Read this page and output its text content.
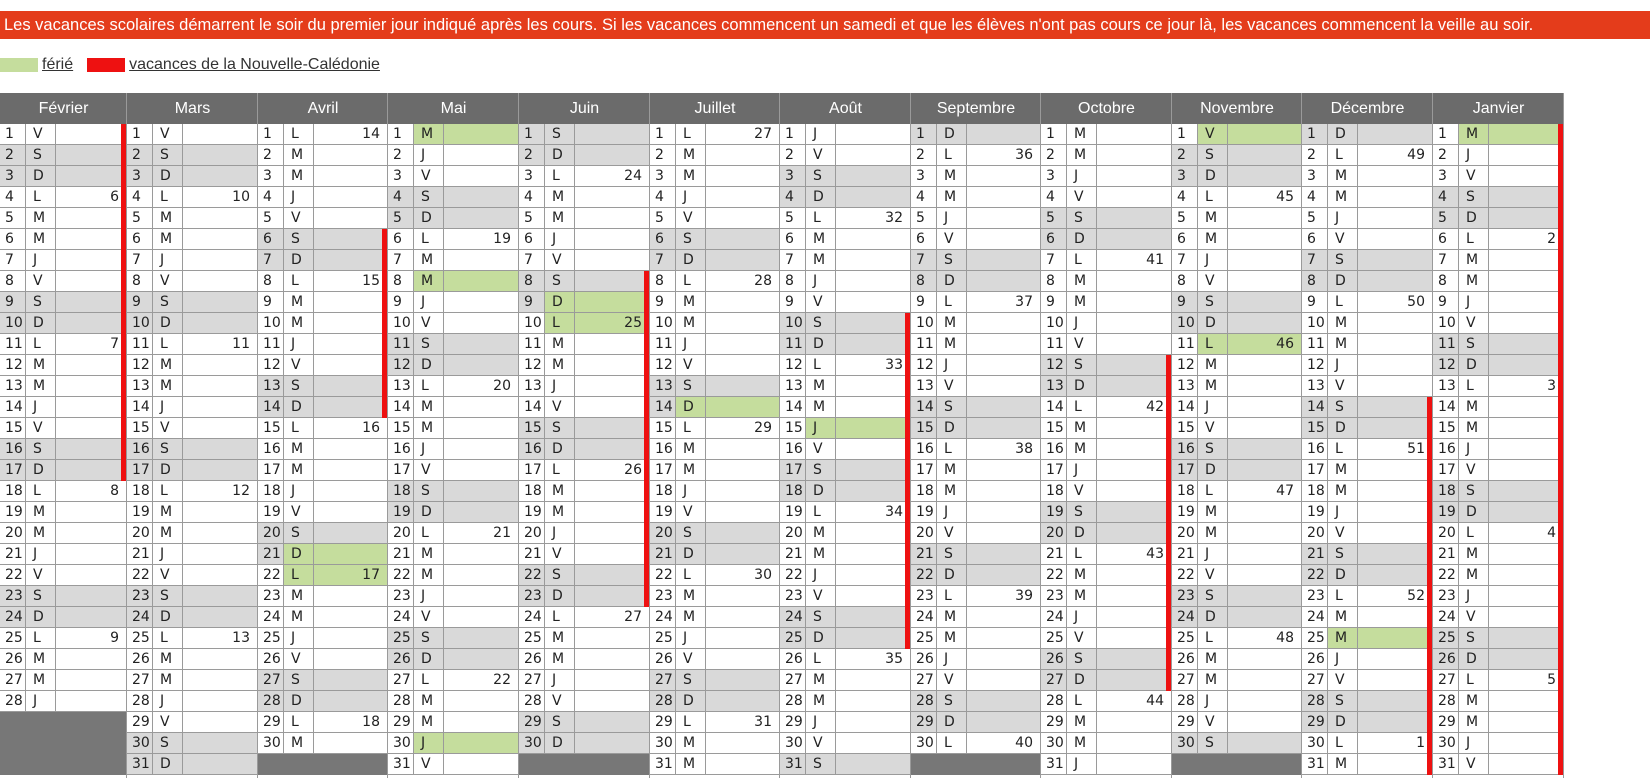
Les vacances scolaires démarrent le soir du premier jour indiqué après les cours. Si les vacances commencent un samedi et que les élèves n'ont pas cours ce jour là, les vacances commencent la veille au soir.
férié	vacances de la Nouvelle-Calédonie
Février
1	V
2	S
3	D
4	L	6
5	M
6	M
7	J
8	V
9	S
10 D
11 L	7
12 M
13 M
14 J
15 V
16 S
17 D
18 L	8
19 M
20 M
21 J
22 V
23 S
24 D
25 L	9
26 M
27 M
28 J
Mars
1	V
2	S
3	D
4	L	10
5	M
6	M
7	J
8	V
9	S
10 D
11 L	11
12 M
13 M
14 J
15 V
16 S
17 D
18 L	12
19 M
20 M
21 J
22 V
23 S
24 D
25 L	13
26 M
27 M
28 J
29 V
30 S
31 D
Avril
1	L	14
2	M
3	M
4	J
5	V
6	S
7	D
8	L	15
9	M
10 M
11 J
12 V
13 S
14 D
15 L	16
16 M
17 M
18 J
19 V
20 S
21 D
22 L	17
23 M
24 M
25 J
26 V
27 S
28 D
29 L	18
30 M
Mai
1	M
2	J
3	V
4	S
5	D
6	L	19
7	M
8	M
9	J
10 V
11 S
12 D
13 L	20
14 M
15 M
16 J
17 V
18 S
19 D
20 L	21
21 M
22 M
23 J
24 V
25 S
26 D
27 L	22
28 M
29 M
30 J
31 V
Juin
1	S
2	D
3	L	24
4	M
5	M
6	J
7	V
8	S
9	D
10 L	25
11 M
12 M
13 J
14 V
15 S
16 D
17 L	26
18 M
19 M
20 J
21 V
22 S
23 D
24 L	27
25 M
26 M
27 J
28 V
29 S
30 D
Juillet
1	L	27
2	M
3	M
4	J
5	V
6	S
7	D
8	L	28
9	M
10 M
11 J
12 V
13 S
14 D
15 L	29
16 M
17 M
18 J
19 V
20 S
21 D
22 L	30
23 M
24 M
25 J
26 V
27 S
28 D
29 L	31
30 M
31 M
Août
1	J
2	V
3	S
4	D
5	L	32
6	M
7	M
8	J
9	V
10 S
11 D
12 L	33
13 M
14 M
15 J
16 V
17 S
18 D
19 L	34
20 M
21 M
22 J
23 V
24 S
25 D
26 L	35
27 M
28 M
29 J
30 V
31 S
Septembre
1	D
2	L	36
3	M
4	M
5	J
6	V
7	S
8	D
9	L	37
10 M
11 M
12 J
13 V
14 S
15 D
16 L	38
17 M
18 M
19 J
20 V
21 S
22 D
23 L	39
24 M
25 M
26 J
27 V
28 S
29 D
30 L	40
Octobre
1	M
2	M
3	J
4	V
5	S
6	D
7	L	41
8	M
9	M
10 J
11 V
12 S
13 D
14 L	42
15 M
16 M
17 J
18 V
19 S
20 D
21 L	43
22 M
23 M
24 J
25 V
26 S
27 D
28 L	44
29 M
30 M
31 J
Novembre
1	V
2	S
3	D
4	L	45
5	M
6	M
7	J
8	V
9	S
10 D
11 L	46
12 M
13 M
14 J
15 V
16 S
17 D
18 L	47
19 M
20 M
21 J
22 V
23 S
24 D
25 L	48
26 M
27 M
28 J
29 V
30 S
Décembre
1	D
2	L	49
3	M
4	M
5	J
6	V
7	S
8	D
9	L	50
10 M
11 M
12 J
13 V
14 S
15 D
16 L	51
17 M
18 M
19 J
20 V
21 S
22 D
23 L	52
24 M
25 M
26 J
27 V
28 S
29 D
30 L	1
31 M
Janvier
1	M
2	J
3	V
4	S
5	D
6	L	2
7	M
8	M
9	J
10 V
11 S
12 D
13 L	3
14 M
15 M
16 J
17 V
18 S
19 D
20 L	4
21 M
22 M
23 J
24 V
25 S
26 D
27 L	5
28 M
29 M
30 J
31 V
